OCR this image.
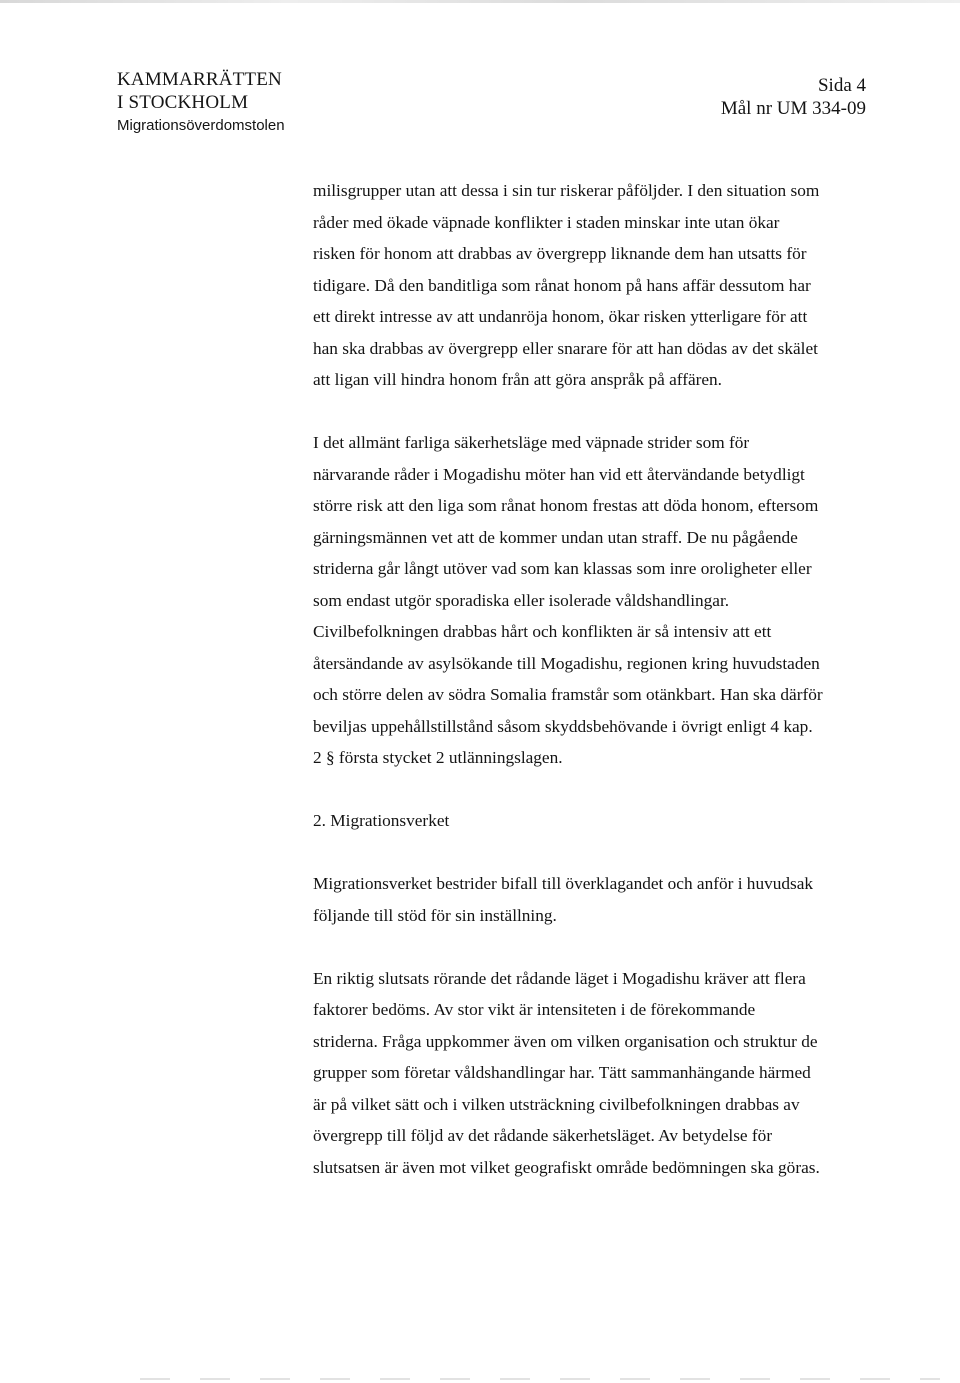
KAMMARRÄTTEN
I STOCKHOLM
Migrationsöverdomstolen
Sida 4
Mål nr UM 334-09
milisgrupper utan att dessa i sin tur riskerar påföljder. I den situation som
råder med ökade väpnade konflikter i staden minskar inte utan ökar
risken för honom att drabbas av övergrepp liknande dem han utsatts för
tidigare. Då den banditliga som rånat honom på hans affär dessutom har
ett direkt intresse av att undanröja honom, ökar risken ytterligare för att
han ska drabbas av övergrepp eller snarare för att han dödas av det skälet
att ligan vill hindra honom från att göra anspråk på affären.
I det allmänt farliga säkerhetsläge med väpnade strider som för
närvarande råder i Mogadishu möter han vid ett återvändande betydligt
större risk att den liga som rånat honom frestas att döda honom, eftersom
gärningsmännen vet att de kommer undan utan straff. De nu pågående
striderna går långt utöver vad som kan klassas som inre oroligheter eller
som endast utgör sporadiska eller isolerade våldshandlingar.
Civilbefolkningen drabbas hårt och konflikten är så intensiv att ett
återsändande av asylsökande till Mogadishu, regionen kring huvudstaden
och större delen av södra Somalia framstår som otänkbart. Han ska därför
beviljas uppehållstillstånd såsom skyddsbehövande i övrigt enligt 4 kap.
2 § första stycket 2 utlänningslagen.
2. Migrationsverket
Migrationsverket bestrider bifall till överklagandet och anför i huvudsak
följande till stöd för sin inställning.
En riktig slutsats rörande det rådande läget i Mogadishu kräver att flera
faktorer bedöms. Av stor vikt är intensiteten i de förekommande
striderna. Fråga uppkommer även om vilken organisation och struktur de
grupper som företar våldshandlingar har. Tätt sammanhängande härmed
är på vilket sätt och i vilken utsträckning civilbefolkningen drabbas av
övergrepp till följd av det rådande säkerhetsläget. Av betydelse för
slutsatsen är även mot vilket geografiskt område bedömningen ska göras.
